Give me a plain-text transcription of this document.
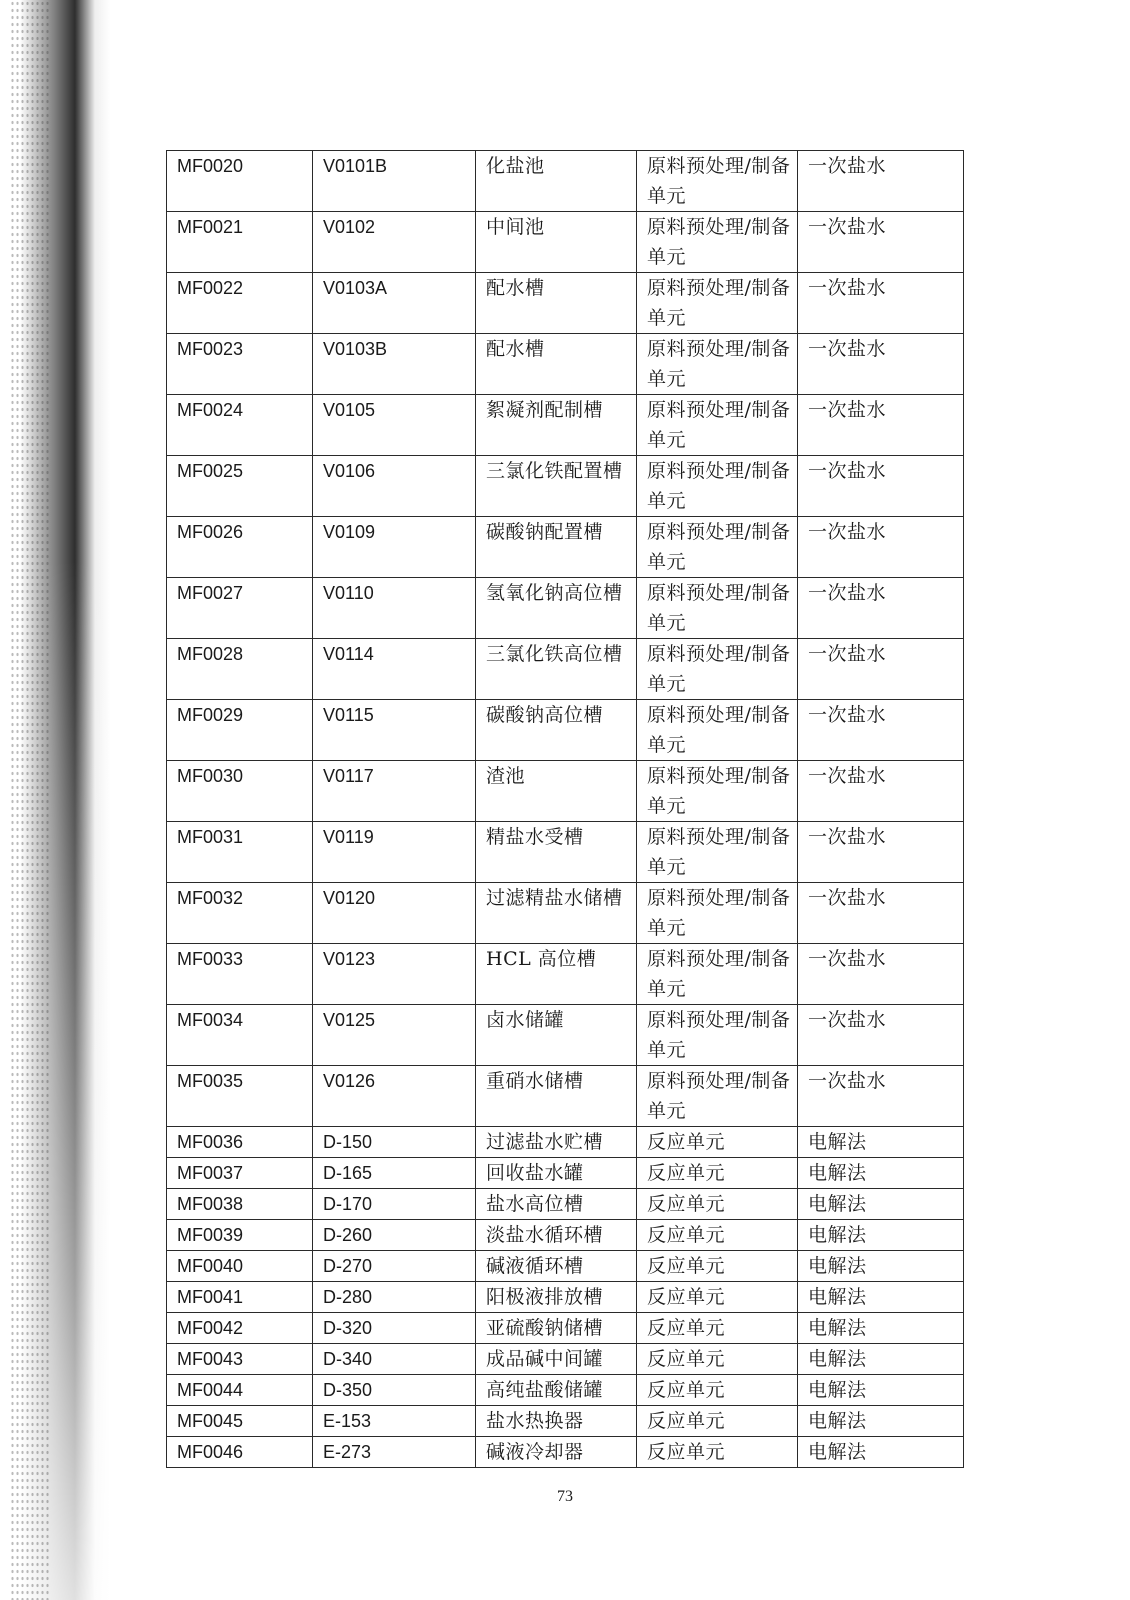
MF0020	V0101B	化盐池	原料预处理/制备单元	一次盐水
MF0021	V0102	中间池	原料预处理/制备单元	一次盐水
MF0022	V0103A	配水槽	原料预处理/制备单元	一次盐水
MF0023	V0103B	配水槽	原料预处理/制备单元	一次盐水
MF0024	V0105	絮凝剂配制槽	原料预处理/制备单元	一次盐水
MF0025	V0106	三氯化铁配置槽	原料预处理/制备单元	一次盐水
MF0026	V0109	碳酸钠配置槽	原料预处理/制备单元	一次盐水
MF0027	V0110	氢氧化钠高位槽	原料预处理/制备单元	一次盐水
MF0028	V0114	三氯化铁高位槽	原料预处理/制备单元	一次盐水
MF0029	V0115	碳酸钠高位槽	原料预处理/制备单元	一次盐水
MF0030	V0117	渣池	原料预处理/制备单元	一次盐水
MF0031	V0119	精盐水受槽	原料预处理/制备单元	一次盐水
MF0032	V0120	过滤精盐水储槽	原料预处理/制备单元	一次盐水
MF0033	V0123	HCL 高位槽	原料预处理/制备单元	一次盐水
MF0034	V0125	卤水储罐	原料预处理/制备单元	一次盐水
MF0035	V0126	重硝水储槽	原料预处理/制备单元	一次盐水
MF0036	D-150	过滤盐水贮槽	反应单元	电解法
MF0037	D-165	回收盐水罐	反应单元	电解法
MF0038	D-170	盐水高位槽	反应单元	电解法
MF0039	D-260	淡盐水循环槽	反应单元	电解法
MF0040	D-270	碱液循环槽	反应单元	电解法
MF0041	D-280	阳极液排放槽	反应单元	电解法
MF0042	D-320	亚硫酸钠储槽	反应单元	电解法
MF0043	D-340	成品碱中间罐	反应单元	电解法
MF0044	D-350	高纯盐酸储罐	反应单元	电解法
MF0045	E-153	盐水热换器	反应单元	电解法
MF0046	E-273	碱液冷却器	反应单元	电解法
73
